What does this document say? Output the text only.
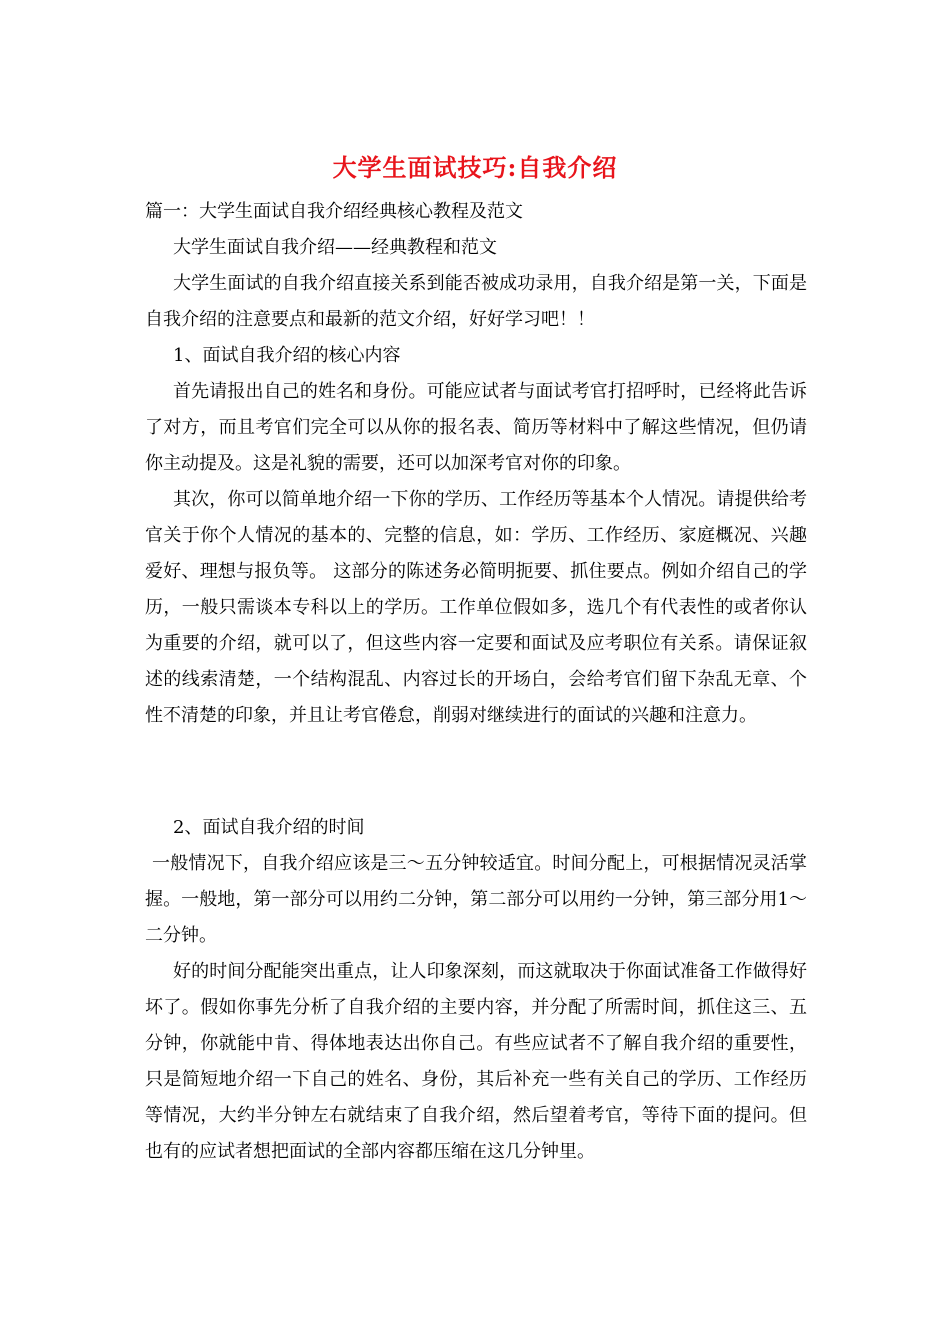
大学生面试技巧:自我介绍
篇一：大学生面试自我介绍经典核心教程及范文
大学生面试自我介绍——经典教程和范文
大学生面试的自我介绍直接关系到能否被成功录用，自我介绍是第一关，下面是自我介绍的注意要点和最新的范文介绍，好好学习吧！！
1、面试自我介绍的核心内容
首先请报出自己的姓名和身份。可能应试者与面试考官打招呼时，已经将此告诉了对方，而且考官们完全可以从你的报名表、简历等材料中了解这些情况，但仍请你主动提及。这是礼貌的需要，还可以加深考官对你的印象。
其次，你可以简单地介绍一下你的学历、工作经历等基本个人情况。请提供给考官关于你个人情况的基本的、完整的信息，如：学历、工作经历、家庭概况、兴趣爱好、理想与报负等。 这部分的陈述务必简明扼要、抓住要点。例如介绍自己的学历，一般只需谈本专科以上的学历。工作单位假如多，选几个有代表性的或者你认为重要的介绍，就可以了，但这些内容一定要和面试及应考职位有关系。请保证叙述的线索清楚，一个结构混乱、内容过长的开场白，会给考官们留下杂乱无章、个性不清楚的印象，并且让考官倦怠，削弱对继续进行的面试的兴趣和注意力。
2、面试自我介绍的时间
一般情况下，自我介绍应该是三～五分钟较适宜。时间分配上，可根据情况灵活掌握。一般地，第一部分可以用约二分钟，第二部分可以用约一分钟，第三部分用1～二分钟。
好的时间分配能突出重点，让人印象深刻，而这就取决于你面试准备工作做得好坏了。假如你事先分析了自我介绍的主要内容，并分配了所需时间，抓住这三、五分钟，你就能中肯、得体地表达出你自己。有些应试者不了解自我介绍的重要性，只是简短地介绍一下自己的姓名、身份，其后补充一些有关自己的学历、工作经历等情况，大约半分钟左右就结束了自我介绍，然后望着考官，等待下面的提问。但也有的应试者想把面试的全部内容都压缩在这几分钟里。
